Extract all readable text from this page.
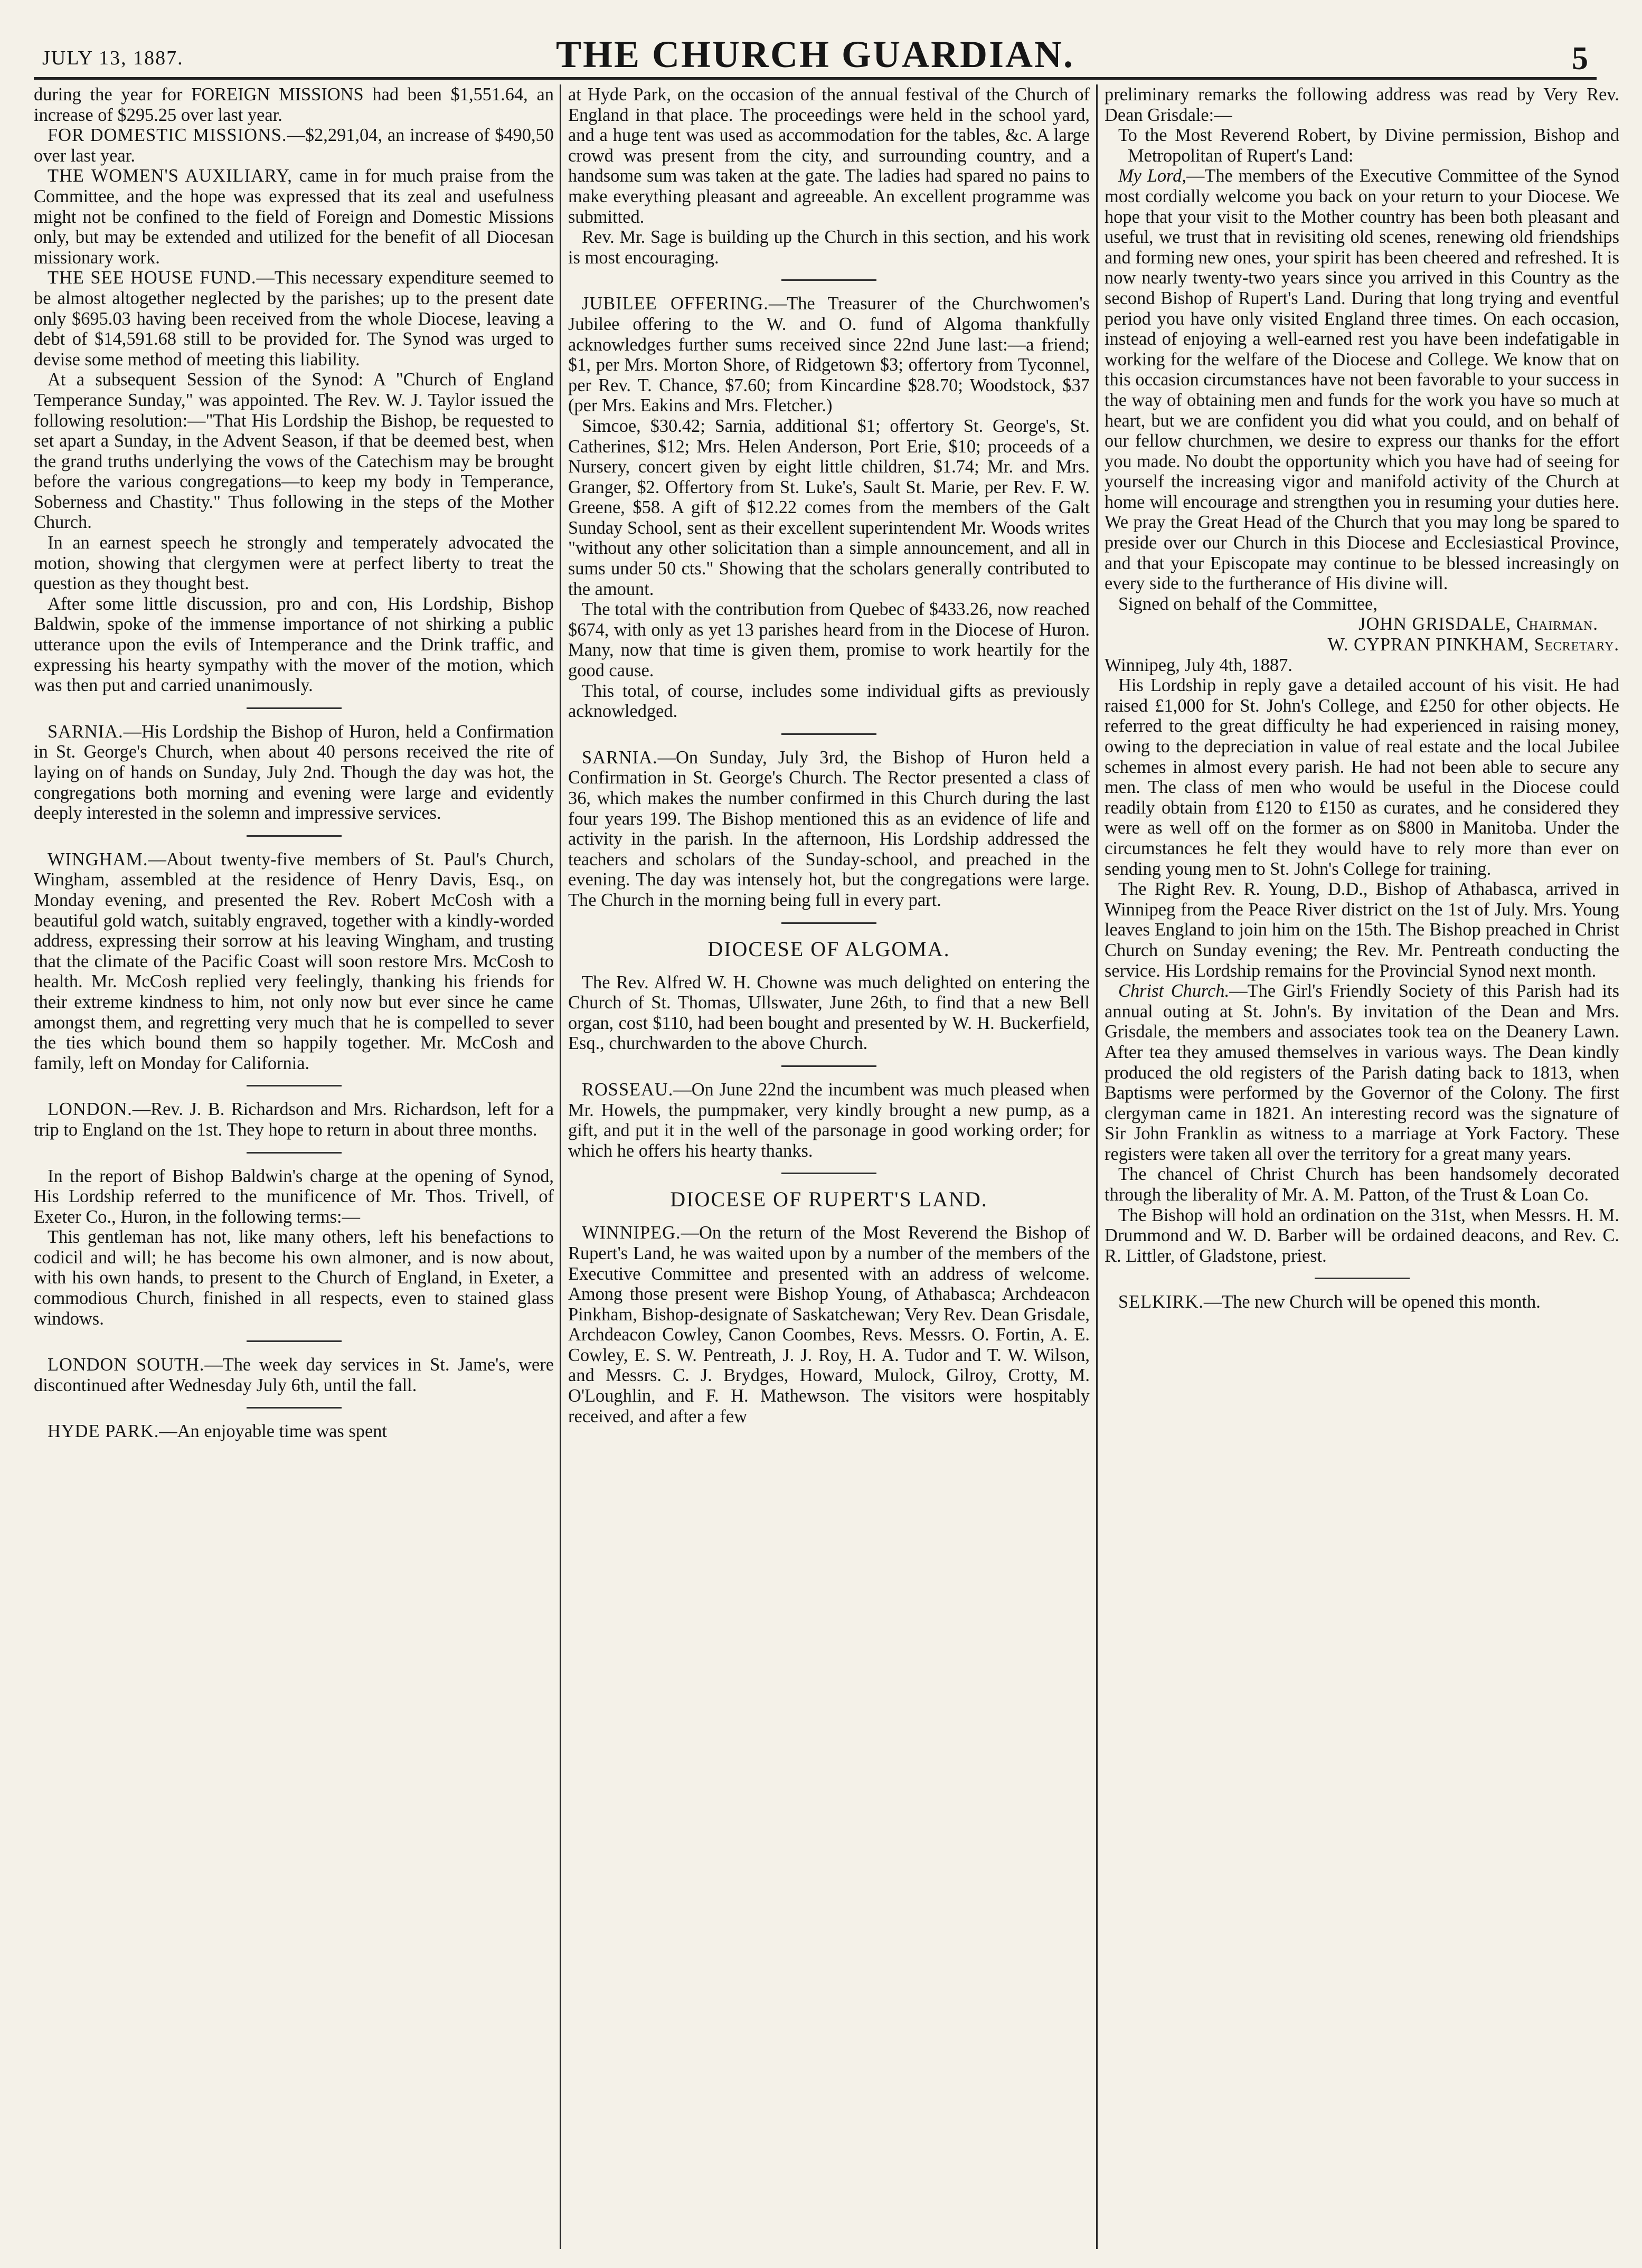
JULY 13, 1887.	THE CHURCH GUARDIAN.	5

during the year for FOREIGN MISSIONS had been $1,551.64, an increase of $295.25 over last year.

FOR DOMESTIC MISSIONS.—$2,291,04, an increase of $490,50 over last year.

THE WOMEN'S AUXILIARY, came in for much praise from the Committee, and the hope was expressed that its zeal and usefulness might not be confined to the field of Foreign and Domestic Missions only, but may be extended and utilized for the benefit of all Diocesan missionary work.

THE SEE HOUSE FUND.—This necessary expenditure seemed to be almost altogether neglected by the parishes; up to the present date only $695.03 having been received from the whole Diocese, leaving a debt of $14,591.68 still to be provided for. The Synod was urged to devise some method of meeting this liability.

At a subsequent Session of the Synod: A "Church of England Temperance Sunday," was appointed. The Rev. W. J. Taylor issued the following resolution:—"That His Lordship the Bishop, be requested to set apart a Sunday, in the Advent Season, if that be deemed best, when the grand truths underlying the vows of the Catechism may be brought before the various congregations—to keep my body in Temperance, Soberness and Chastity." Thus following in the steps of the Mother Church.

In an earnest speech he strongly and temperately advocated the motion, showing that clergymen were at perfect liberty to treat the question as they thought best.

After some little discussion, pro and con, His Lordship, Bishop Baldwin, spoke of the immense importance of not shirking a public utterance upon the evils of Intemperance and the Drink traffic, and expressing his hearty sympathy with the mover of the motion, which was then put and carried unanimously.

SARNIA.—His Lordship the Bishop of Huron, held a Confirmation in St. George's Church, when about 40 persons received the rite of laying on of hands on Sunday, July 2nd. Though the day was hot, the congregations both morning and evening were large and evidently deeply interested in the solemn and impressive services.

WINGHAM.—About twenty-five members of St. Paul's Church, Wingham, assembled at the residence of Henry Davis, Esq., on Monday evening, and presented the Rev. Robert McCosh with a beautiful gold watch, suitably engraved, together with a kindly-worded address, expressing their sorrow at his leaving Wingham, and trusting that the climate of the Pacific Coast will soon restore Mrs. McCosh to health. Mr. McCosh replied very feelingly, thanking his friends for their extreme kindness to him, not only now but ever since he came amongst them, and regretting very much that he is compelled to sever the ties which bound them so happily together. Mr. McCosh and family, left on Monday for California.

LONDON.—Rev. J. B. Richardson and Mrs. Richardson, left for a trip to England on the 1st. They hope to return in about three months.

In the report of Bishop Baldwin's charge at the opening of Synod, His Lordship referred to the munificence of Mr. Thos. Trivell, of Exeter Co., Huron, in the following terms:—

This gentleman has not, like many others, left his benefactions to codicil and will; he has become his own almoner, and is now about, with his own hands, to present to the Church of England, in Exeter, a commodious Church, finished in all respects, even to stained glass windows.

LONDON SOUTH.—The week day services in St. Jame's, were discontinued after Wednesday July 6th, until the fall.

HYDE PARK.—An enjoyable time was spent

at Hyde Park, on the occasion of the annual festival of the Church of England in that place. The proceedings were held in the school yard, and a huge tent was used as accommodation for the tables, &c. A large crowd was present from the city, and surrounding country, and a handsome sum was taken at the gate. The ladies had spared no pains to make everything pleasant and agreeable. An excellent programme was submitted.

Rev. Mr. Sage is building up the Church in this section, and his work is most encouraging.

JUBILEE OFFERING.—The Treasurer of the Churchwomen's Jubilee offering to the W. and O. fund of Algoma thankfully acknowledges further sums received since 22nd June last:—a friend; $1, per Mrs. Morton Shore, of Ridgetown $3; offertory from Tyconnel, per Rev. T. Chance, $7.60; from Kincardine $28.70; Woodstock, $37 (per Mrs. Eakins and Mrs. Fletcher.)

Simcoe, $30.42; Sarnia, additional $1; offertory St. George's, St. Catherines, $12; Mrs. Helen Anderson, Port Erie, $10; proceeds of a Nursery, concert given by eight little children, $1.74; Mr. and Mrs. Granger, $2. Offertory from St. Luke's, Sault St. Marie, per Rev. F. W. Greene, $58. A gift of $12.22 comes from the members of the Galt Sunday School, sent as their excellent superintendent Mr. Woods writes "without any other solicitation than a simple announcement, and all in sums under 50 cts." Showing that the scholars generally contributed to the amount.

The total with the contribution from Quebec of $433.26, now reached $674, with only as yet 13 parishes heard from in the Diocese of Huron. Many, now that time is given them, promise to work heartily for the good cause.

This total, of course, includes some individual gifts as previously acknowledged.

SARNIA.—On Sunday, July 3rd, the Bishop of Huron held a Confirmation in St. George's Church. The Rector presented a class of 36, which makes the number confirmed in this Church during the last four years 199. The Bishop mentioned this as an evidence of life and activity in the parish. In the afternoon, His Lordship addressed the teachers and scholars of the Sunday-school, and preached in the evening. The day was intensely hot, but the congregations were large. The Church in the morning being full in every part.

DIOCESE OF ALGOMA.

The Rev. Alfred W. H. Chowne was much delighted on entering the Church of St. Thomas, Ullswater, June 26th, to find that a new Bell organ, cost $110, had been bought and presented by W. H. Buckerfield, Esq., churchwarden to the above Church.

ROSSEAU.—On June 22nd the incumbent was much pleased when Mr. Howels, the pumpmaker, very kindly brought a new pump, as a gift, and put it in the well of the parsonage in good working order; for which he offers his hearty thanks.

DIOCESE OF RUPERT'S LAND.

WINNIPEG.—On the return of the Most Reverend the Bishop of Rupert's Land, he was waited upon by a number of the members of the Executive Committee and presented with an address of welcome. Among those present were Bishop Young, of Athabasca; Archdeacon Pinkham, Bishop-designate of Saskatchewan; Very Rev. Dean Grisdale, Archdeacon Cowley, Canon Coombes, Revs. Messrs. O. Fortin, A. E. Cowley, E. S. W. Pentreath, J. J. Roy, H. A. Tudor and T. W. Wilson, and Messrs. C. J. Brydges, Howard, Mulock, Gilroy, Crotty, M. O'Loughlin, and F. H. Mathewson. The visitors were hospitably received, and after a few

preliminary remarks the following address was read by Very Rev. Dean Grisdale:—

To the Most Reverend Robert, by Divine permission, Bishop and Metropolitan of Rupert's Land:

My Lord,—The members of the Executive Committee of the Synod most cordially welcome you back on your return to your Diocese. We hope that your visit to the Mother country has been both pleasant and useful, we trust that in revisiting old scenes, renewing old friendships and forming new ones, your spirit has been cheered and refreshed. It is now nearly twenty-two years since you arrived in this Country as the second Bishop of Rupert's Land. During that long trying and eventful period you have only visited England three times. On each occasion, instead of enjoying a well-earned rest you have been indefatigable in working for the welfare of the Diocese and College. We know that on this occasion circumstances have not been favorable to your success in the way of obtaining men and funds for the work you have so much at heart, but we are confident you did what you could, and on behalf of our fellow churchmen, we desire to express our thanks for the effort you made. No doubt the opportunity which you have had of seeing for yourself the increasing vigor and manifold activity of the Church at home will encourage and strengthen you in resuming your duties here. We pray the Great Head of the Church that you may long be spared to preside over our Church in this Diocese and Ecclesiastical Province, and that your Episcopate may continue to be blessed increasingly on every side to the furtherance of His divine will.

Signed on behalf of the Committee,

JOHN GRISDALE, Chairman.

W. CYPRAN PINKHAM, Secretary.

Winnipeg, July 4th, 1887.

His Lordship in reply gave a detailed account of his visit. He had raised £1,000 for St. John's College, and £250 for other objects. He referred to the great difficulty he had experienced in raising money, owing to the depreciation in value of real estate and the local Jubilee schemes in almost every parish. He had not been able to secure any men. The class of men who would be useful in the Diocese could readily obtain from £120 to £150 as curates, and he considered they were as well off on the former as on $800 in Manitoba. Under the circumstances he felt they would have to rely more than ever on sending young men to St. John's College for training.

The Right Rev. R. Young, D.D., Bishop of Athabasca, arrived in Winnipeg from the Peace River district on the 1st of July. Mrs. Young leaves England to join him on the 15th. The Bishop preached in Christ Church on Sunday evening; the Rev. Mr. Pentreath conducting the service. His Lordship remains for the Provincial Synod next month.

Christ Church.—The Girl's Friendly Society of this Parish had its annual outing at St. John's. By invitation of the Dean and Mrs. Grisdale, the members and associates took tea on the Deanery Lawn. After tea they amused themselves in various ways. The Dean kindly produced the old registers of the Parish dating back to 1813, when Baptisms were performed by the Governor of the Colony. The first clergyman came in 1821. An interesting record was the signature of Sir John Franklin as witness to a marriage at York Factory. These registers were taken all over the territory for a great many years.

The chancel of Christ Church has been handsomely decorated through the liberality of Mr. A. M. Patton, of the Trust & Loan Co.

The Bishop will hold an ordination on the 31st, when Messrs. H. M. Drummond and W. D. Barber will be ordained deacons, and Rev. C. R. Littler, of Gladstone, priest.

SELKIRK.—The new Church will be opened this month.
